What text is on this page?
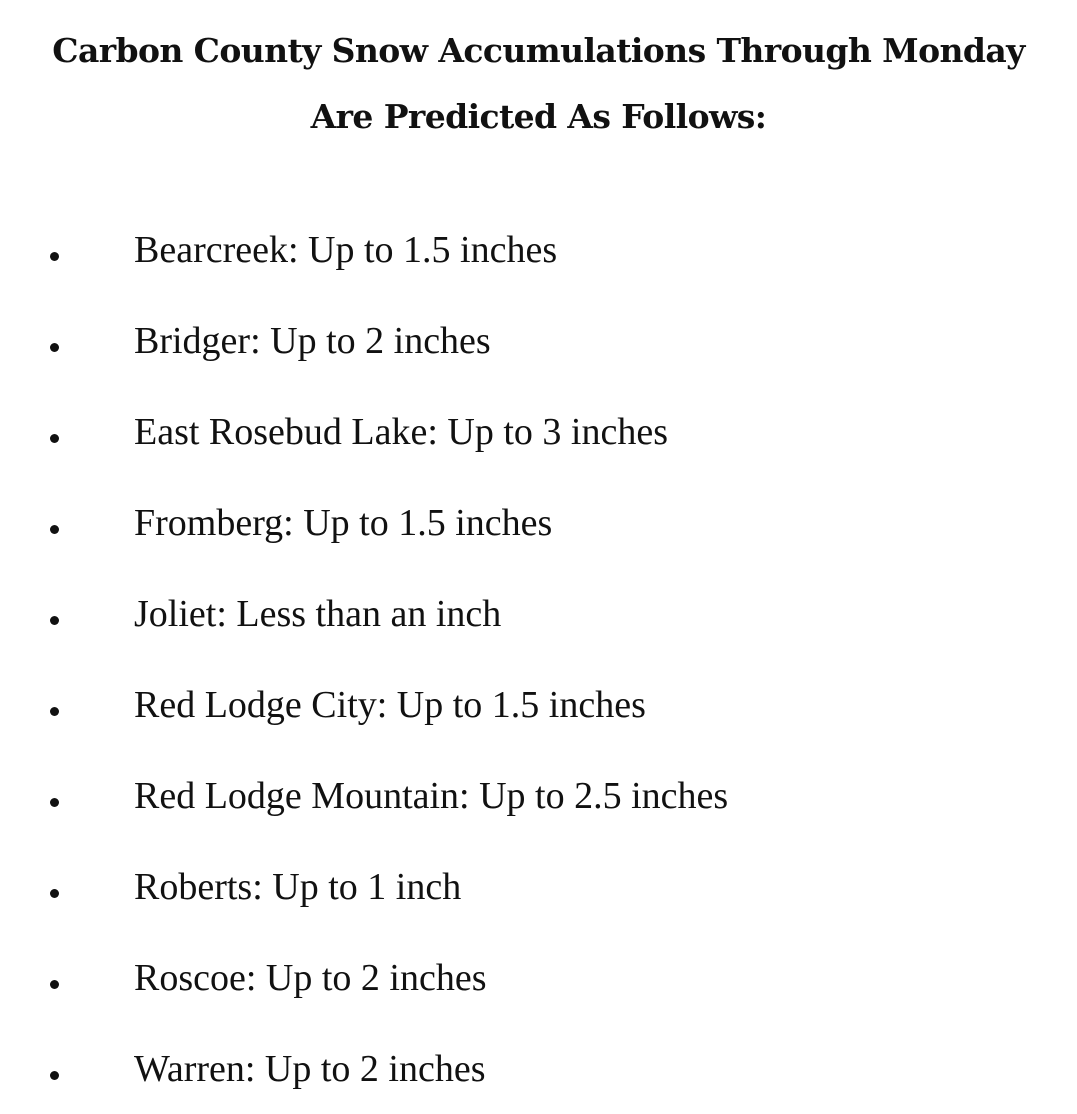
Carbon County Snow Accumulations Through Monday
Are Predicted As Follows:
Bearcreek: Up to 1.5 inches
Bridger: Up to 2 inches
East Rosebud Lake: Up to 3 inches
Fromberg: Up to 1.5 inches
Joliet: Less than an inch
Red Lodge City: Up to 1.5 inches
Red Lodge Mountain: Up to 2.5 inches
Roberts: Up to 1 inch
Roscoe: Up to 2 inches
Warren: Up to 2 inches
